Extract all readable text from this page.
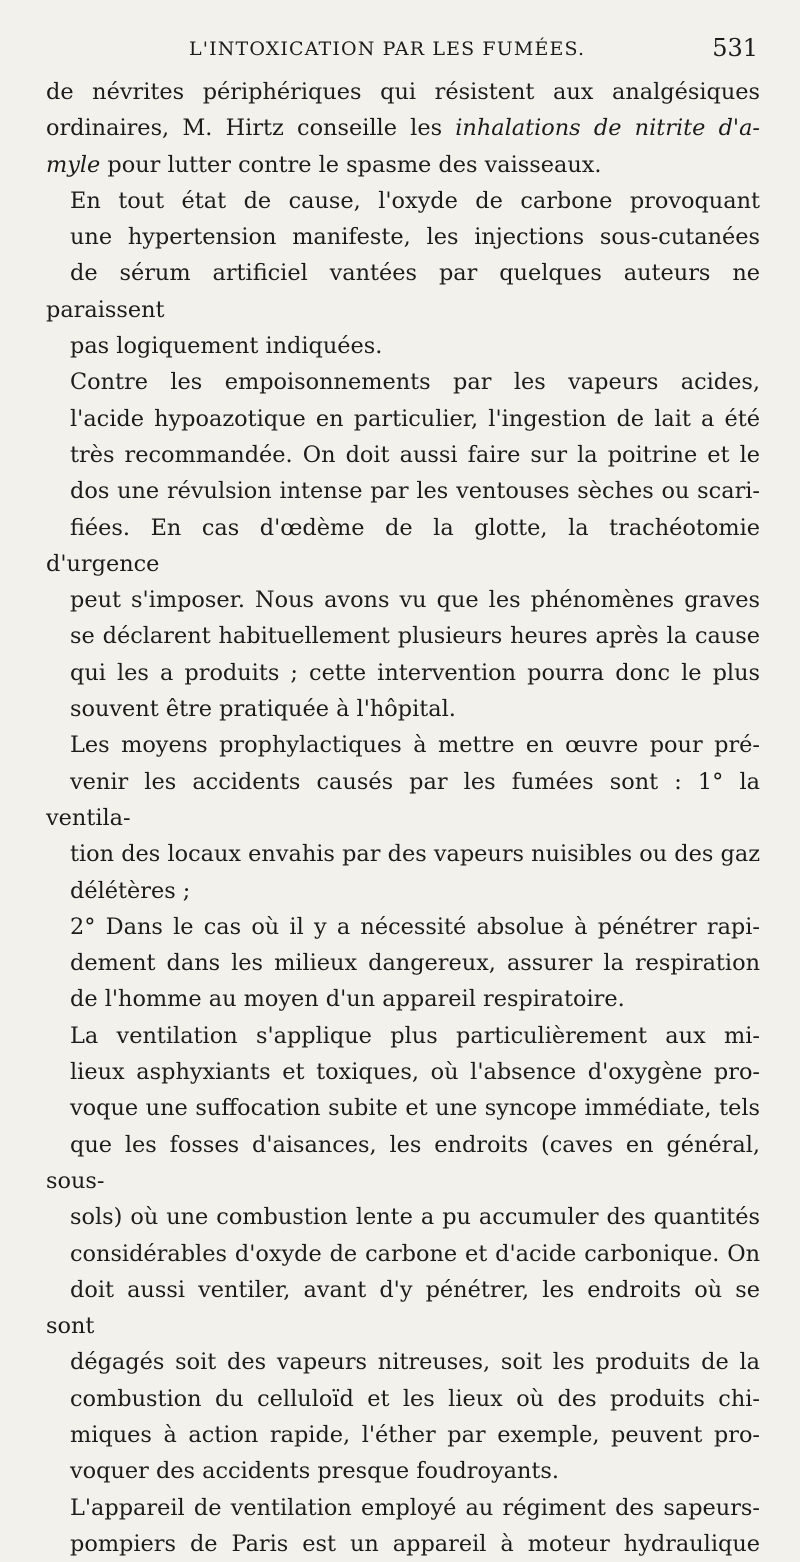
L'INTOXICATION PAR LES FUMÉES.	531

de névrites périphériques qui résistent aux analgésiques
ordinaires, M. Hirtz conseille les inhalations de nitrite d'a-
myle pour lutter contre le spasme des vaisseaux.

En tout état de cause, l'oxyde de carbone provoquant
une hypertension manifeste, les injections sous-cutanées
de sérum artificiel vantées par quelques auteurs ne paraissent
pas logiquement indiquées.

Contre les empoisonnements par les vapeurs acides,
l'acide hypoazotique en particulier, l'ingestion de lait a été
très recommandée. On doit aussi faire sur la poitrine et le
dos une révulsion intense par les ventouses sèches ou scari-
fiées. En cas d'œdème de la glotte, la trachéotomie d'urgence
peut s'imposer. Nous avons vu que les phénomènes graves
se déclarent habituellement plusieurs heures après la cause
qui les a produits ; cette intervention pourra donc le plus
souvent être pratiquée à l'hôpital.

Les moyens prophylactiques à mettre en œuvre pour pré-
venir les accidents causés par les fumées sont : 1° la ventila-
tion des locaux envahis par des vapeurs nuisibles ou des gaz
délétères ;

2° Dans le cas où il y a nécessité absolue à pénétrer rapi-
dement dans les milieux dangereux, assurer la respiration
de l'homme au moyen d'un appareil respiratoire.

La ventilation s'applique plus particulièrement aux mi-
lieux asphyxiants et toxiques, où l'absence d'oxygène pro-
voque une suffocation subite et une syncope immédiate, tels
que les fosses d'aisances, les endroits (caves en général, sous-
sols) où une combustion lente a pu accumuler des quantités
considérables d'oxyde de carbone et d'acide carbonique. On
doit aussi ventiler, avant d'y pénétrer, les endroits où se sont
dégagés soit des vapeurs nitreuses, soit les produits de la
combustion du celluloïd et les lieux où des produits chi-
miques à action rapide, l'éther par exemple, peuvent pro-
voquer des accidents presque foudroyants.

L'appareil de ventilation employé au régiment des sapeurs-
pompiers de Paris est un appareil à moteur hydraulique
